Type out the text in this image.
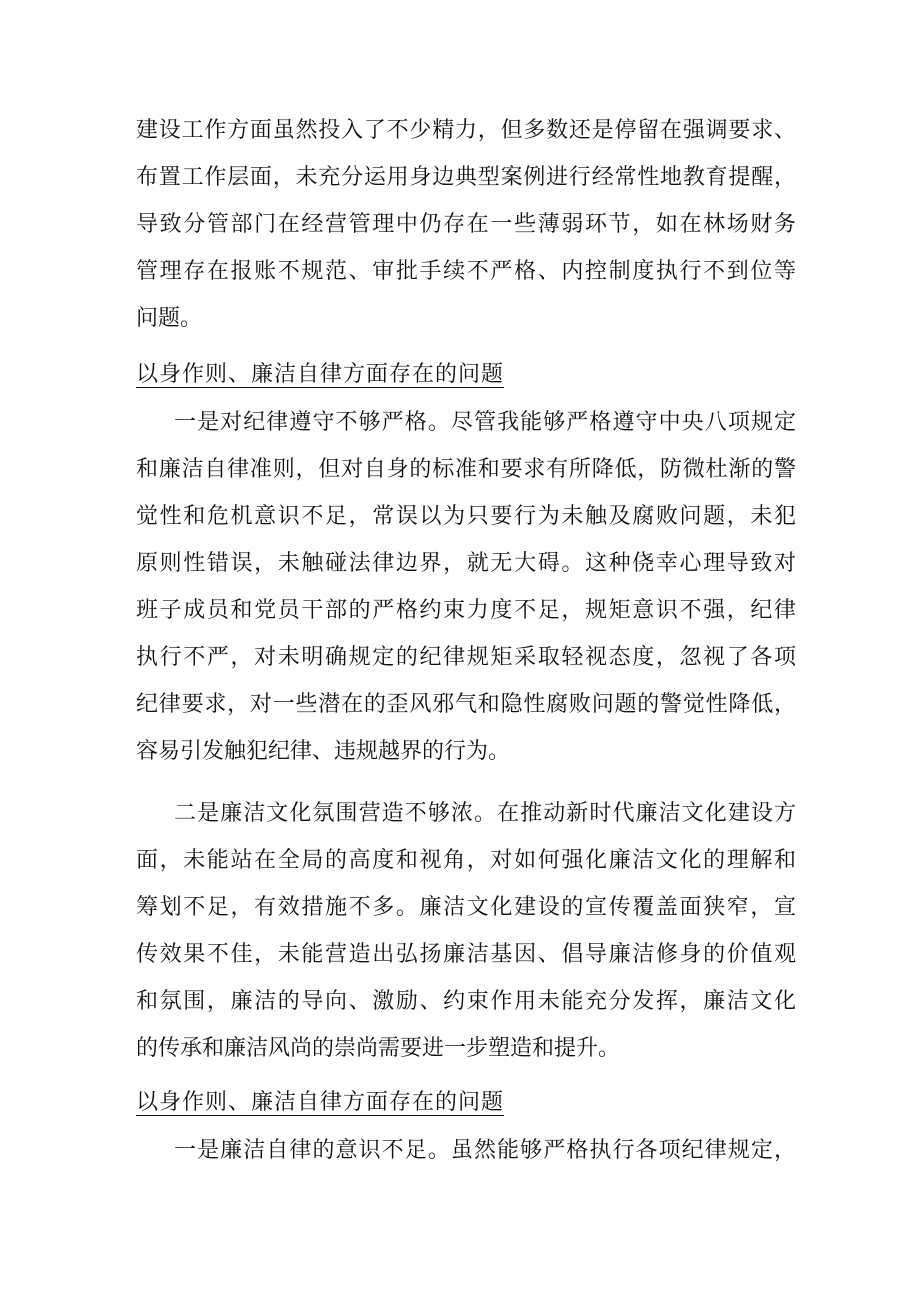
建设工作方面虽然投入了不少精力，但多数还是停留在强调要求、
布置工作层面，未充分运用身边典型案例进行经常性地教育提醒，
导致分管部门在经营管理中仍存在一些薄弱环节，如在林场财务
管理存在报账不规范、审批手续不严格、内控制度执行不到位等
问题。
以身作则、廉洁自律方面存在的问题
一是对纪律遵守不够严格。尽管我能够严格遵守中央八项规定
和廉洁自律准则，但对自身的标准和要求有所降低，防微杜渐的警
觉性和危机意识不足，常误以为只要行为未触及腐败问题，未犯
原则性错误，未触碰法律边界，就无大碍。这种侥幸心理导致对
班子成员和党员干部的严格约束力度不足，规矩意识不强，纪律
执行不严，对未明确规定的纪律规矩采取轻视态度，忽视了各项
纪律要求，对一些潜在的歪风邪气和隐性腐败问题的警觉性降低，
容易引发触犯纪律、违规越界的行为。
二是廉洁文化氛围营造不够浓。在推动新时代廉洁文化建设方
面，未能站在全局的高度和视角，对如何强化廉洁文化的理解和
筹划不足，有效措施不多。廉洁文化建设的宣传覆盖面狭窄，宣
传效果不佳，未能营造出弘扬廉洁基因、倡导廉洁修身的价值观
和氛围，廉洁的导向、激励、约束作用未能充分发挥，廉洁文化
的传承和廉洁风尚的崇尚需要进一步塑造和提升。
以身作则、廉洁自律方面存在的问题
一是廉洁自律的意识不足。虽然能够严格执行各项纪律规定，
